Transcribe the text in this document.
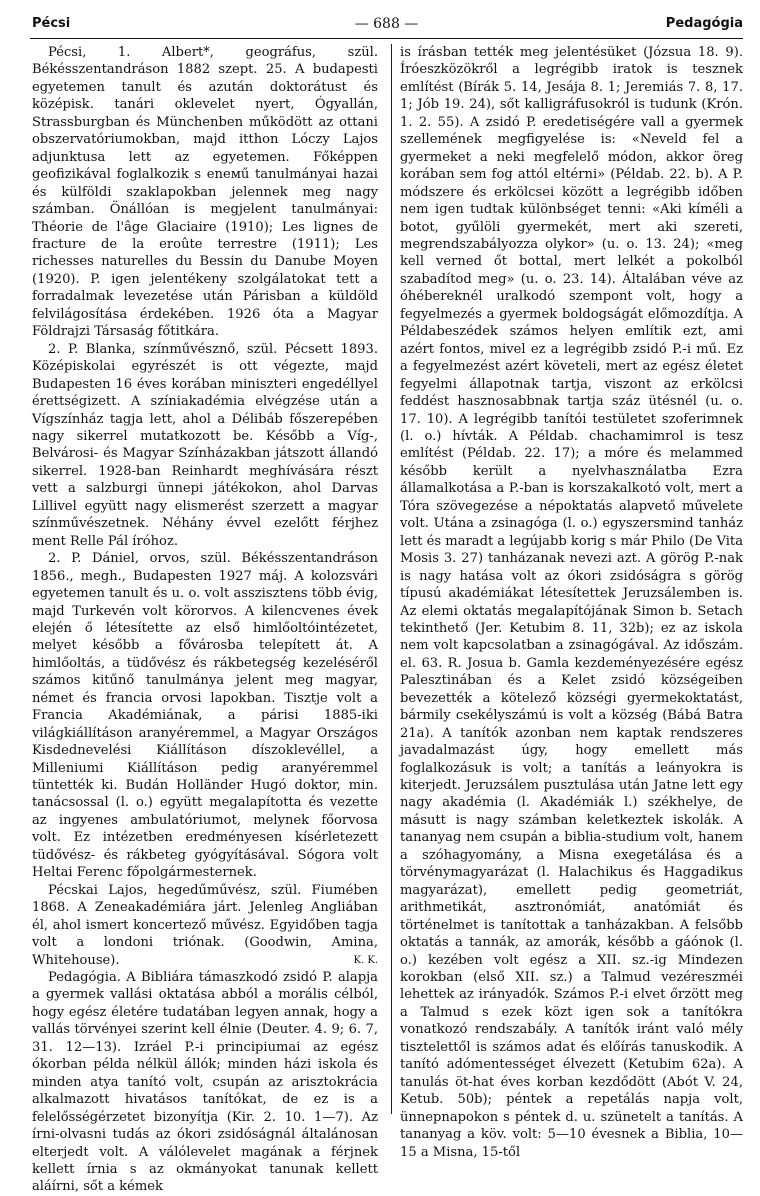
Pécsi	— 688 —	Pedagógia

Pécsi, 1. Albert*, geográfus, szül. Békésszentandráson 1882 szept. 25. A budapesti egyetemen tanult és azután doktorátust és középisk. tanári oklevelet nyert, Ógyallán, Strassburgban és Münchenben működött az ottani obszervatóriumokban, majd itthon Lóczy Lajos adjunktusa lett az egyetemen. Főképpen geofizikával foglalkozik s eneмű tanulmányai hazai és külföldi szaklapokban jelennek meg nagy számban. Önállóan is megjelent tanulmányai: Théorie de l'âge Glaciaire (1910); Les lignes de fracture de la eroûte terrestre (1911); Les richesses naturelles du Bessin du Danube Moyen (1920). P. igen jelentékeny szolgálatokat tett a forradalmak levezetése után Párisban a küldöld felvilágosítása érdekében. 1926 óta a Magyar Földrajzi Társaság főtitkára.

2. P. Blanka, színművésznő, szül. Pécsett 1893. Középiskolai egyrészét is ott végezte, majd Budapesten 16 éves korában miniszteri engedéllyel érettségizett. A színiakadémia elvégzése után a Vígszínház tagja lett, ahol a Délibáb főszerepében nagy sikerrel mutatkozott be. Később a Víg-, Belvárosi- és Magyar Színházakban játszott állandó sikerrel. 1928-ban Reinhardt meghívására részt vett a salzburgi ünnepi játékokon, ahol Darvas Lillivel együtt nagy elismerést szerzett a magyar színművészetnek. Néhány évvel ezelőtt férjhez ment Relle Pál íróhoz.

2. P. Dániel, orvos, szül. Békésszentandráson 1856., megh., Budapesten 1927 máj. A kolozsvári egyetemen tanult és u. o. volt asszisztens több évig, majd Turkevén volt körorvos. A kilencvenes évek elején ő létesítette az első himlőoltóintézetet, melyet később a fővárosba telepített át. A himlőoltás, a tüdővész és rákbetegség kezeléséről számos kitűnő tanulmánya jelent meg magyar, német és francia orvosi lapokban. Tisztje volt a Francia Akadémiának, a párisi 1885-iki világkiállításon aranyéremmel, a Magyar Országos Kisdednevelési Kiállításon díszoklevéllel, a Milleniumi Kiállításon pedig aranyéremmel tüntették ki. Budán Holländer Hugó doktor, min. tanácsossal (l. o.) együtt megalapította és vezette az ingyenes ambulatóriumot, melynek főorvosa volt. Ez intézetben eredményesen kísérletezett tüdővész- és rákbeteg gyógyításával. Sógora volt Heltai Ferenc főpolgármesternek.

Pécskai Lajos, hegedűművész, szül. Fiumében 1868. A Zeneakadémiára járt. Jelenleg Angliában él, ahol ismert koncertező művész. Egyidőben tagja volt a londoni triónak. (Goodwin, Amina, Whitehouse).	K. K.

Pedagógia. A Bibliára támaszkodó zsidó P. alapja a gyermek vallási oktatása abból a morális célból, hogy egész életére tudatában legyen annak, hogy a vallás törvényei szerint kell élnie (Deuter. 4. 9; 6. 7, 31. 12—13). Izráel P.-i principiumai az egész ókorban példa nélkül állók; minden házi iskola és minden atya tanító volt, csupán az arisztokrácia alkalmazott hivatásos tanítókat, de ez is a felelősségérzetet bizonyítja (Kir. 2. 10. 1—7). Az írni-olvasni tudás az ókori zsidóságnál általánosan elterjedt volt. A válólevelet magának a férjnek kellett írnia s az okmányokat tanunak kellett aláírni, sőt a kémek

is írásban tették meg jelentésüket (Józsua 18. 9). Íróeszközökről a legrégibb iratok is tesznek említést (Bírák 5. 14, Jesája 8. 1; Jeremiás 7. 8, 17. 1; Jób 19. 24), sőt kalligráfusokról is tudunk (Krón. 1. 2. 55). A zsidó P. eredetiségére vall a gyermek szellemének megfigyelése is: «Neveld fel a gyermeket a neki megfelelő módon, akkor öreg korában sem fog attól eltérni» (Példab. 22. b). A P. módszere és erkölcsei között a legrégibb időben nem igen tudtak különbséget tenni: «Aki kíméli a botot, gyűlöli gyermekét, mert aki szereti, megrendszabályozza olykor» (u. o. 13. 24); «meg kell verned őt bottal, mert lelkét a pokolból szabadítod meg» (u. o. 23. 14). Általában véve az óhébereknél uralkodó szempont volt, hogy a fegyelmezés a gyermek boldogságát előmozdítja. A Példabeszédek számos helyen említik ezt, ami azért fontos, mivel ez a legrégibb zsidó P.-i mű. Ez a fegyelmezést azért követeli, mert az egész életet fegyelmi állapotnak tartja, viszont az erkölcsi feddést hasznosabbnak tartja száz ütésnél (u. o. 17. 10). A legrégibb tanítói testületet szoferimnek (l. o.) hívták. A Példab. chachamimrol is tesz említést (Példab. 22. 17); a móre és melammed később került a nyelvhasználatba Ezra államalkotása a P.-ban is korszakalkotó volt, mert a Tóra szövegezése a népoktatás alapvető művelete volt. Utána a zsinagóga (l. o.) egyszersmind tanház lett és maradt a legújabb korig s már Philo (De Vita Mosis 3. 27) tanházanak nevezi azt. A görög P.-nak is nagy hatása volt az ókori zsidóságra s görög típusú akadémiákat létesítettek Jeruzsálemben is. Az elemi oktatás megalapítójának Simon b. Setach tekinthető (Jer. Ketubim 8. 11, 32b); ez az iskola nem volt kapcsolatban a zsinagógával. Az időszám. el. 63. R. Josua b. Gamla kezdeményezésére egész Palesztinában és a Kelet zsidó községeiben bevezették a kötelező községi gyermekoktatást, bármily csekélyszámú is volt a község (Bábá Batra 21a). A tanítók azonban nem kaptak rendszeres javadalmazást úgy, hogy emellett más foglalkozásuk is volt; a tanítás a leányokra is kiterjedt. Jeruzsálem pusztulása után Jatne lett egy nagy akadémia (l. Akadémiák l.) székhelye, de másutt is nagy számban keletkeztek iskolák. A tananyag nem csupán a biblia-studium volt, hanem a szóhagyomány, a Misna exegetálása és a törvénymagyarázat (l. Halachikus és Haggadikus magyarázat), emellett pedig geometriát, arithmetikát, asztronómiát, anatómiát és történelmet is tanítottak a tanházakban. A felsőbb oktatás a tannák, az amorák, később a gáónok (l. o.) kezében volt egész a XII. sz.-ig Mindezen korokban (első XII. sz.) a Talmud vezéreszméi lehettek az irányadók. Számos P.-i elvet őrzött meg a Talmud s ezek közt igen sok a tanítókra vonatkozó rendszabály. A tanítók iránt való mély tisztelettől is számos adat és előírás tanuskodik. A tanító adómentességet élvezett (Ketubim 62a). A tanulás öt-hat éves korban kezdődött (Abót V. 24, Ketub. 50b); péntek a repetálás napja volt, ünnepnapokon s péntek d. u. szünetelt a tanítás. A tananyag a köv. volt: 5—10 évesnek a Biblia, 10—15 a Misna, 15-től
